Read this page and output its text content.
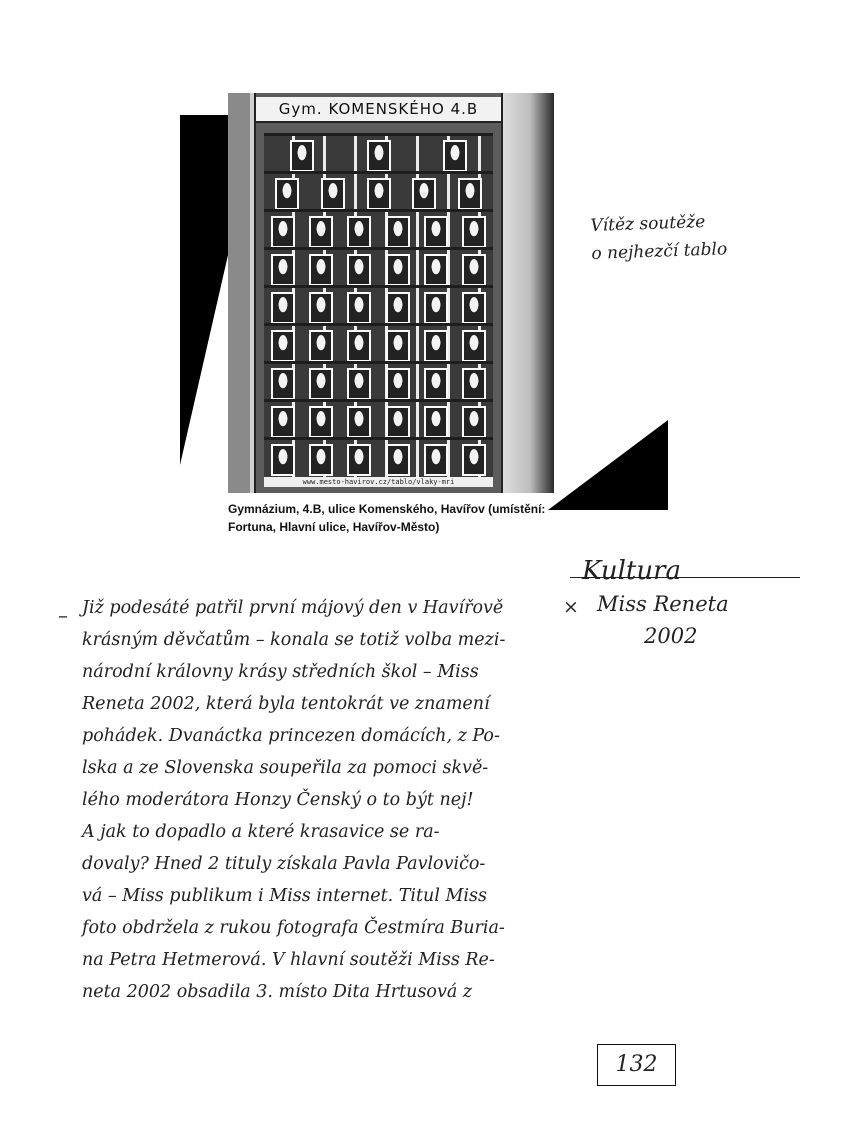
Gym. KOMENSKÉHO 4.B
www.mesto-havirov.cz/tablo/vlaky-mri
Gymnázium, 4.B, ulice Komenského, Havířov (umístění:
Fortuna, Hlavní ulice, Havířov-Město)
Vítěz soutěže
o nejhezčí tablo
Kultura
× Miss Reneta
2002
– Již podesáté patřil první májový den v Havířově
krásným děvčatům – konala se totiž volba mezi-
národní královny krásy středních škol – Miss
Reneta 2002, která byla tentokrát ve znamení
pohádek. Dvanáctka princezen domácích, z Po-
lska a ze Slovenska soupeřila za pomoci skvě-
lého moderátora Honzy Čenský o to být nej!
A jak to dopadlo a které krasavice se ra-
dovaly? Hned 2 tituly získala Pavla Pavlovičo-
vá – Miss publikum i Miss internet. Titul Miss
foto obdržela z rukou fotografa Čestmíra Buria-
na Petra Hetmerová. V hlavní soutěži Miss Re-
neta 2002 obsadila 3. místo Dita Hrtusová z
132
